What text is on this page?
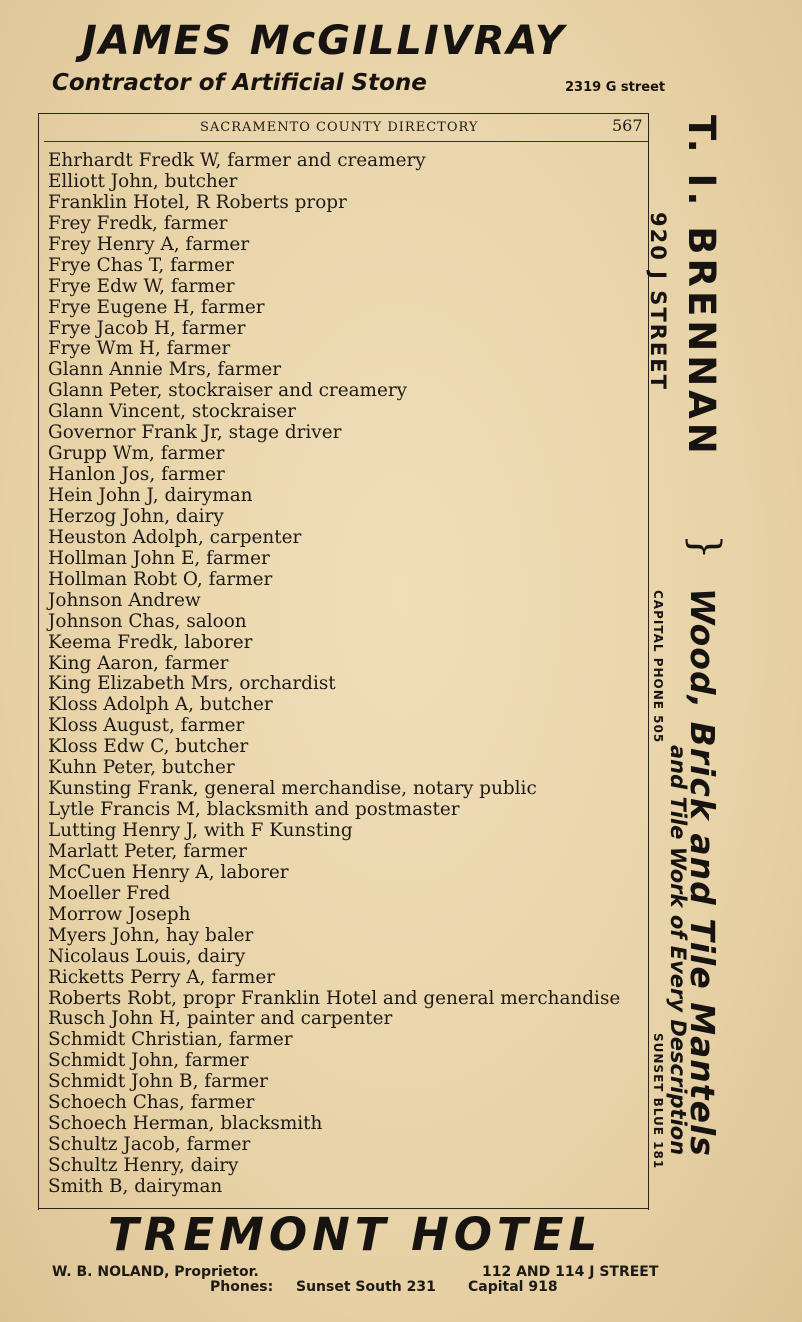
JAMES McGILLIVRAY
Contractor of Artificial Stone	2319 G street
SACRAMENTO COUNTY DIRECTORY	567
Ehrhardt Fredk W, farmer and creamery
Elliott John, butcher
Franklin Hotel, R Roberts propr
Frey Fredk, farmer
Frey Henry A, farmer
Frye Chas T, farmer
Frye Edw W, farmer
Frye Eugene H, farmer
Frye Jacob H, farmer
Frye Wm H, farmer
Glann Annie Mrs, farmer
Glann Peter, stockraiser and creamery
Glann Vincent, stockraiser
Governor Frank Jr, stage driver
Grupp Wm, farmer
Hanlon Jos, farmer
Hein John J, dairyman
Herzog John, dairy
Heuston Adolph, carpenter
Hollman John E, farmer
Hollman Robt O, farmer
Johnson Andrew
Johnson Chas, saloon
Keema Fredk, laborer
King Aaron, farmer
King Elizabeth Mrs, orchardist
Kloss Adolph A, butcher
Kloss August, farmer
Kloss Edw C, butcher
Kuhn Peter, butcher
Kunsting Frank, general merchandise, notary public
Lytle Francis M, blacksmith and postmaster
Lutting Henry J, with F Kunsting
Marlatt Peter, farmer
McCuen Henry A, laborer
Moeller Fred
Morrow Joseph
Myers John, hay baler
Nicolaus Louis, dairy
Ricketts Perry A, farmer
Roberts Robt, propr Franklin Hotel and general merchandise
Rusch John H, painter and carpenter
Schmidt Christian, farmer
Schmidt John, farmer
Schmidt John B, farmer
Schoech Chas, farmer
Schoech Herman, blacksmith
Schultz Jacob, farmer
Schultz Henry, dairy
Smith B, dairyman
T. I. BRENNAN
920 J STREET
}
Wood, Brick and Tile Mantels
and Tile Work of Every Description
CAPITAL PHONE 505
SUNSET BLUE 181
TREMONT HOTEL
W. B. NOLAND, Proprietor.	112 AND 114 J STREET
Phones: Sunset South 231 Capital 918
